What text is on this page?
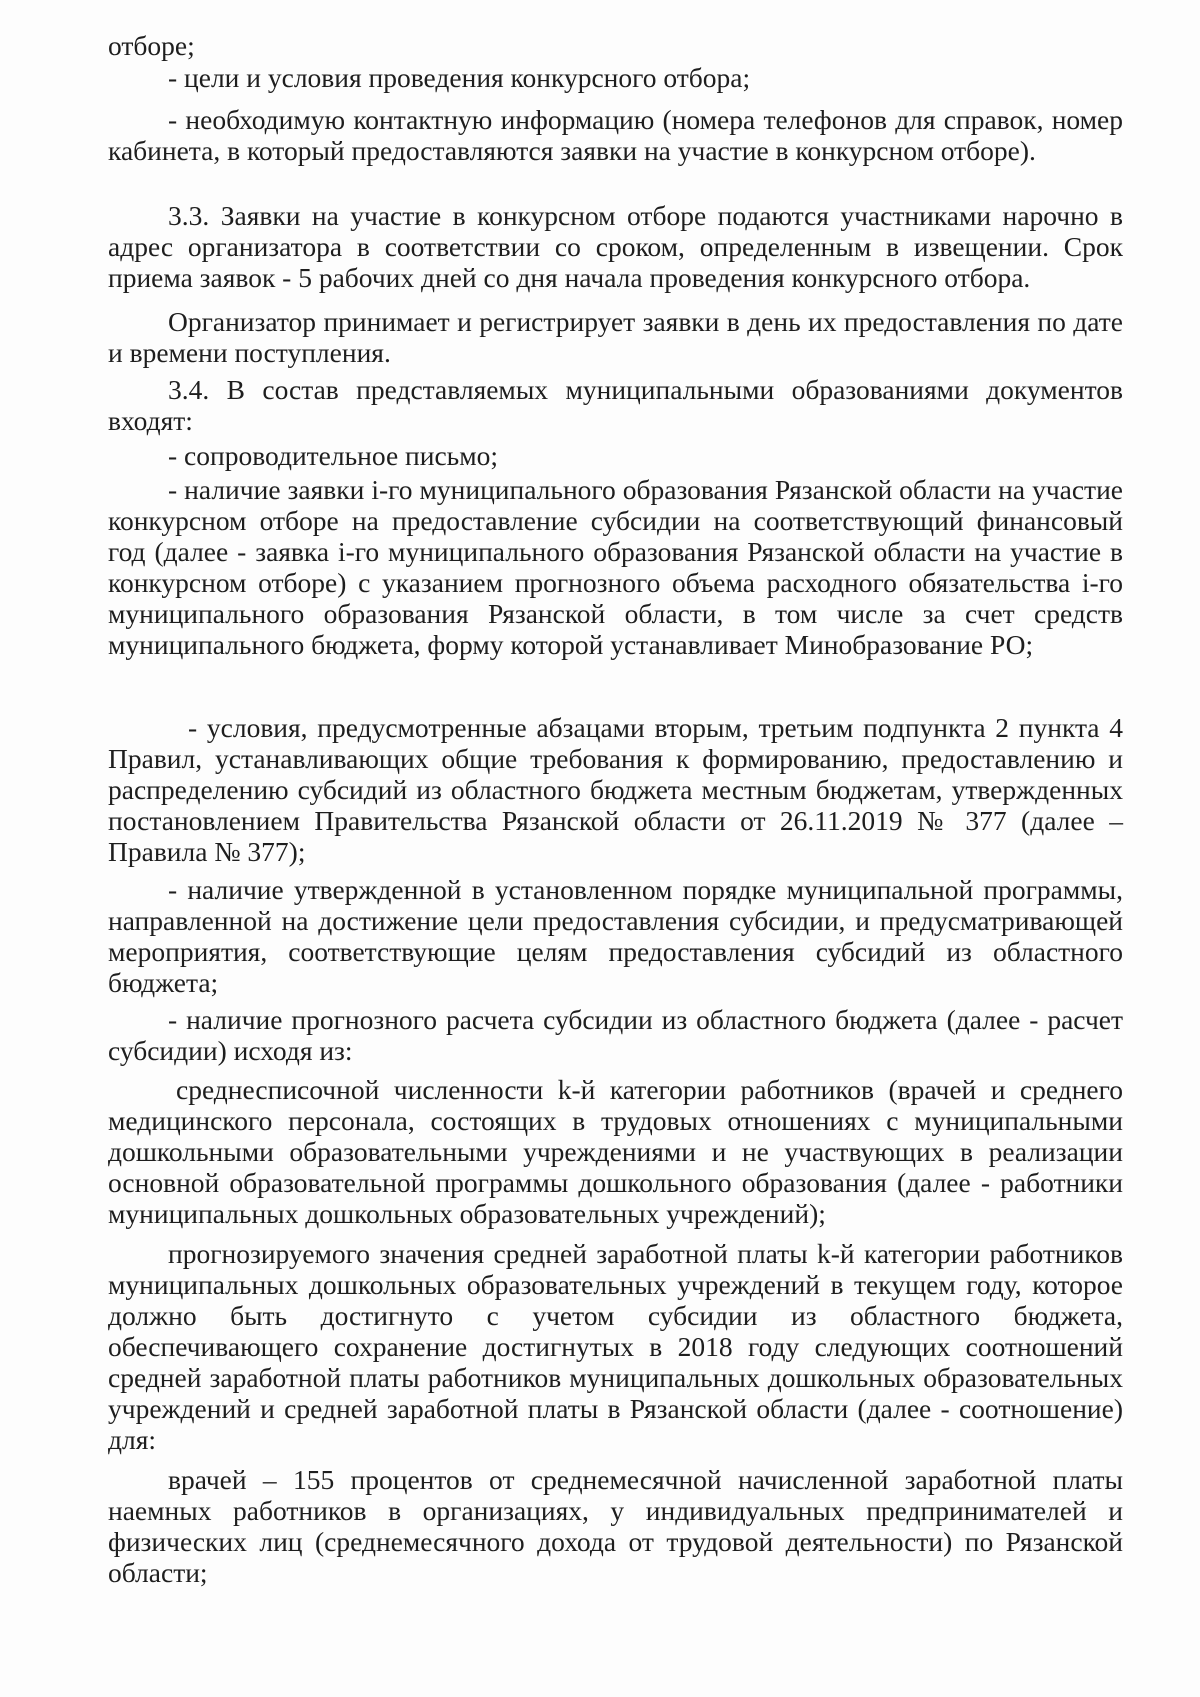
отборе;

- цели и условия проведения конкурсного отбора;

- необходимую контактную информацию (номера телефонов для справок, номер кабинета, в который предоставляются заявки на участие в конкурсном отборе).

3.3. Заявки на участие в конкурсном отборе подаются участниками нарочно в адрес организатора в соответствии со сроком, определенным в извещении. Срок приема заявок - 5 рабочих дней со дня начала проведения конкурсного отбора.

Организатор принимает и регистрирует заявки в день их предоставления по дате и времени поступления.

3.4. В состав представляемых муниципальными образованиями документов входят:

- сопроводительное письмо;

- наличие заявки i-го муниципального образования Рязанской области на участие конкурсном отборе на предоставление субсидии на соответствующий финансовый год (далее - заявка i-го муниципального образования Рязанской области на участие в конкурсном отборе) с указанием прогнозного объема расходного обязательства i-го муниципального образования Рязанской области, в том числе за счет средств муниципального бюджета, форму которой устанавливает Минобразование РО;

- условия, предусмотренные абзацами вторым, третьим подпункта 2 пункта 4 Правил, устанавливающих общие требования к формированию, предоставлению и распределению субсидий из областного бюджета местным бюджетам, утвержденных постановлением Правительства Рязанской области от 26.11.2019 № 377 (далее – Правила № 377);

- наличие утвержденной в установленном порядке муниципальной программы, направленной на достижение цели предоставления субсидии, и предусматривающей мероприятия, соответствующие целям предоставления субсидий из областного бюджета;

- наличие прогнозного расчета субсидии из областного бюджета (далее - расчет субсидии) исходя из:

среднесписочной численности k-й категории работников (врачей и среднего медицинского персонала, состоящих в трудовых отношениях с муниципальными дошкольными образовательными учреждениями и не участвующих в реализации основной образовательной программы дошкольного образования (далее - работники муниципальных дошкольных образовательных учреждений);

прогнозируемого значения средней заработной платы k-й категории работников муниципальных дошкольных образовательных учреждений в текущем году, которое должно быть достигнуто с учетом субсидии из областного бюджета, обеспечивающего сохранение достигнутых в 2018 году следующих соотношений средней заработной платы работников муниципальных дошкольных образовательных учреждений и средней заработной платы в Рязанской области (далее - соотношение) для:

врачей – 155 процентов от среднемесячной начисленной заработной платы наемных работников в организациях, у индивидуальных предпринимателей и физических лиц (среднемесячного дохода от трудовой деятельности) по Рязанской области;
